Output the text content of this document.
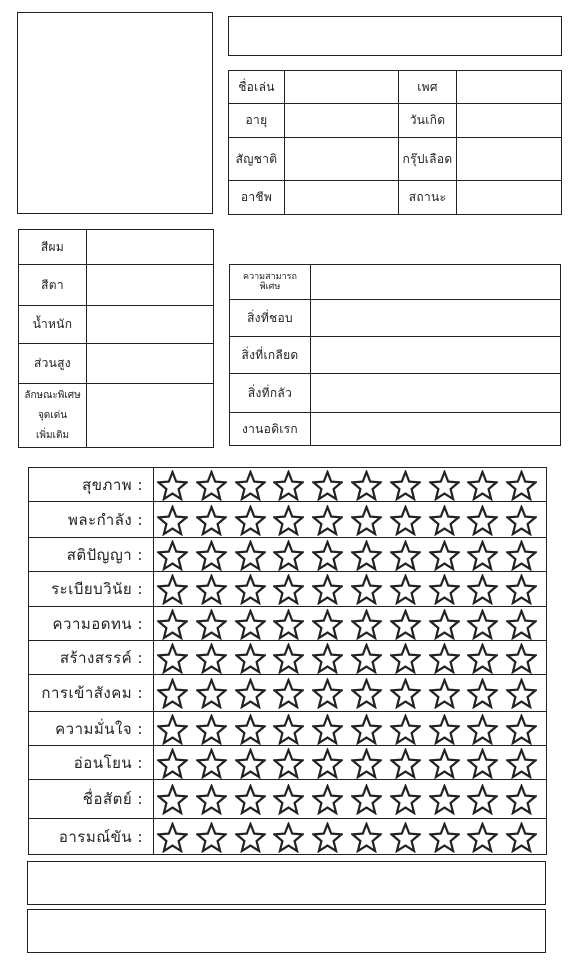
ชื่อเล่น		เพศ	
อายุ		วันเกิด	
สัญชาติ		กรุ๊ปเลือด	
อาชีพ		สถานะ	
สีผม	
สีตา	
น้ำหนัก	
ส่วนสูง	

ลักษณะพิเศษ
จุดเด่น
เพิ่มเติม	

ความสามารถ
พิเศษ	

สิ่งที่ชอบ	
สิ่งที่เกลียด	
สิ่งที่กลัว	
งานอดิเรก	
สุขภาพ :	

พละกำลัง :	

สติปัญญา :	

ระเบียบวินัย :	

ความอดทน :	

สร้างสรรค์ :	

การเข้าสังคม :	

ความมั่นใจ :	

อ่อนโยน :	

ชื่อสัตย์ :	

อารมณ์ขัน :	
